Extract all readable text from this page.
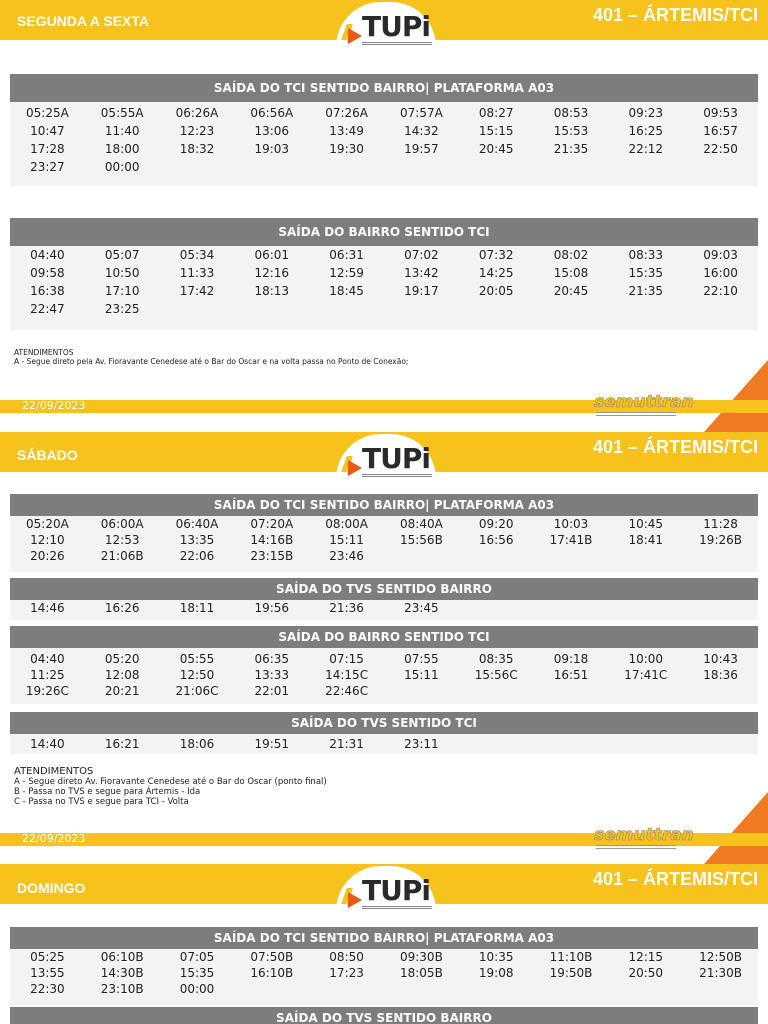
SEGUNDA A SEXTA	401 – ÁRTEMIS/TCI
TUPi
SAÍDA DO TCI SENTIDO BAIRRO| PLATAFORMA A03
05:25A	05:55A	06:26A	06:56A	07:26A	07:57A	08:27	08:53	09:23	09:53
10:47	11:40	12:23	13:06	13:49	14:32	15:15	15:53	16:25	16:57
17:28	18:00	18:32	19:03	19:30	19:57	20:45	21:35	22:12	22:50
23:27	00:00
SAÍDA DO BAIRRO SENTIDO TCI
04:40	05:07	05:34	06:01	06:31	07:02	07:32	08:02	08:33	09:03
09:58	10:50	11:33	12:16	12:59	13:42	14:25	15:08	15:35	16:00
16:38	17:10	17:42	18:13	18:45	19:17	20:05	20:45	21:35	22:10
22:47	23:25
ATENDIMENTOS
A - Segue direto pela Av. Fioravante Cenedese até o Bar do Oscar e na volta passa no Ponto de Conexão;
22/09/2023	semuttran
SÁBADO	401 – ÁRTEMIS/TCI
TUPi
SAÍDA DO TCI SENTIDO BAIRRO| PLATAFORMA A03
05:20A	06:00A	06:40A	07:20A	08:00A	08:40A	09:20	10:03	10:45	11:28
12:10	12:53	13:35	14:16B	15:11	15:56B	16:56	17:41B	18:41	19:26B
20:26	21:06B	22:06	23:15B	23:46
SAÍDA DO TVS SENTIDO BAIRRO
14:46	16:26	18:11	19:56	21:36	23:45
SAÍDA DO BAIRRO SENTIDO TCI
04:40	05:20	05:55	06:35	07:15	07:55	08:35	09:18	10:00	10:43
11:25	12:08	12:50	13:33	14:15C	15:11	15:56C	16:51	17:41C	18:36
19:26C	20:21	21:06C	22:01	22:46C
SAÍDA DO TVS SENTIDO TCI
14:40	16:21	18:06	19:51	21:31	23:11
ATENDIMENTOS
A - Segue direto Av. Fioravante Cenedese até o Bar do Oscar (ponto final)
B - Passa no TVS e segue para Ártemis - Ida
C - Passa no TVS e segue para TCI - Volta
22/09/2023	semuttran
DOMINGO	401 – ÁRTEMIS/TCI
TUPi
SAÍDA DO TCI SENTIDO BAIRRO| PLATAFORMA A03
05:25	06:10B	07:05	07:50B	08:50	09:30B	10:35	11:10B	12:15	12:50B
13:55	14:30B	15:35	16:10B	17:23	18:05B	19:08	19:50B	20:50	21:30B
22:30	23:10B	00:00
SAÍDA DO TVS SENTIDO BAIRRO
